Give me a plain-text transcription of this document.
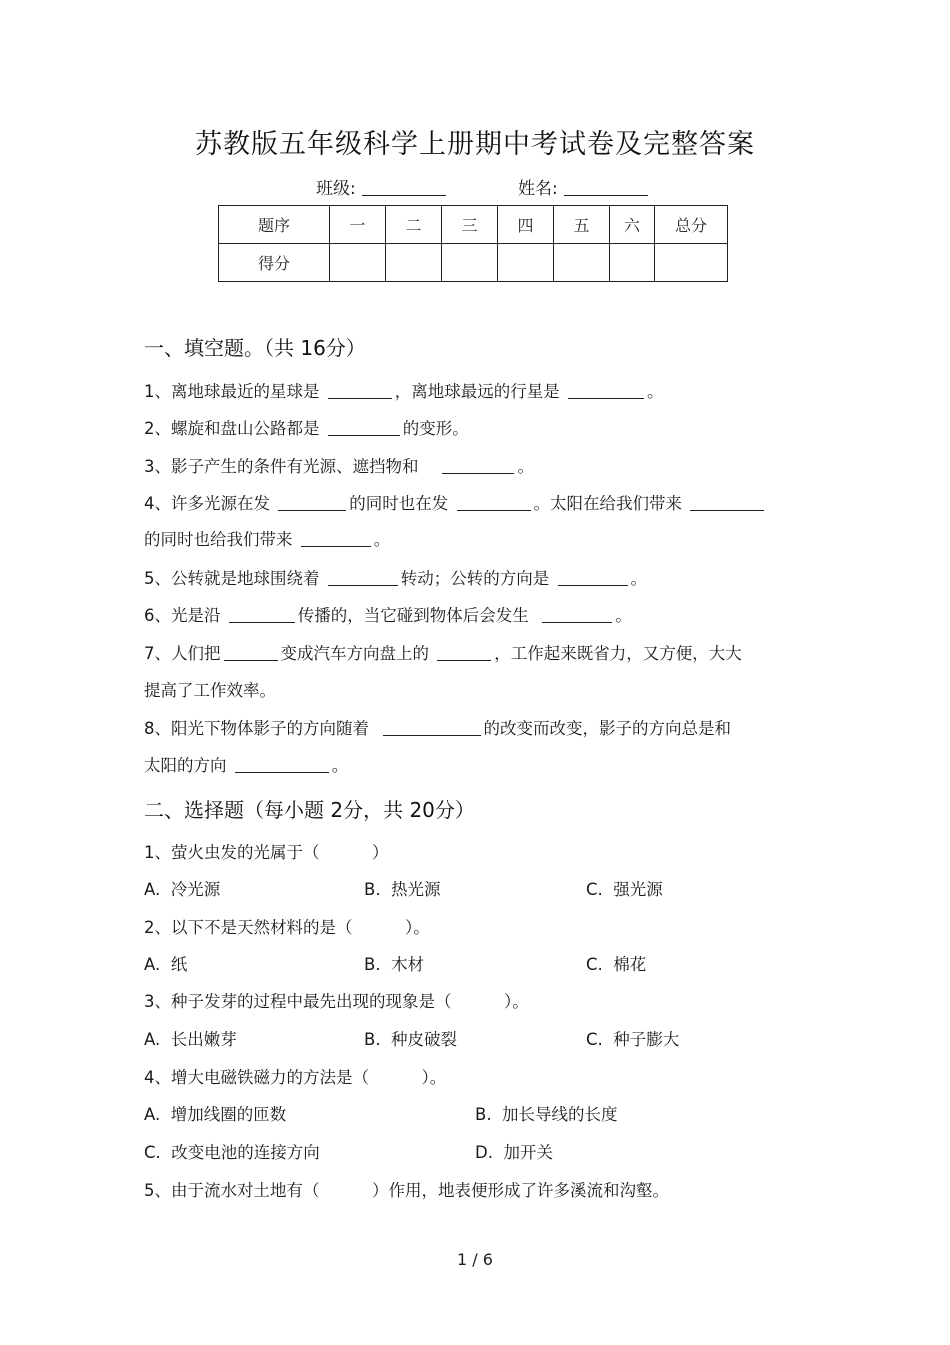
苏教版五年级科学上册期中考试卷及完整答案
班级:	姓名:
题序	一	二	三	四	五	六	总分
得分							
一、填空题。（共 16分）
1、离地球最近的星球是	，离地球最远的行星是	。
2、螺旋和盘山公路都是	的变形。
3、影子产生的条件有光源、遮挡物和	。
4、许多光源在发	的同时也在发	。太阳在给我们带来
的同时也给我们带来	。
5、公转就是地球围绕着	转动；公转的方向是	。
6、光是沿	传播的，当它碰到物体后会发生	。
7、人们把	变成汽车方向盘上的	，工作起来既省力，又方便，大大
提高了工作效率。
8、阳光下物体影子的方向随着	的改变而改变，影子的方向总是和
太阳的方向	。
二、选择题（每小题 2分，共 20分）
1、萤火虫发的光属于（          ）
A.  冷光源	B.  热光源	C.  强光源
2、以下不是天然材料的是（          ）。
A.  纸	B.  木材	C.  棉花
3、种子发芽的过程中最先出现的现象是（          ）。
A.  长出嫩芽	B.  种皮破裂	C.  种子膨大
4、增大电磁铁磁力的方法是（          ）。
A.  增加线圈的匝数	B.  加长导线的长度
C.  改变电池的连接方向	D.  加开关
5、由于流水对土地有（          ）作用，地表便形成了许多溪流和沟壑。
1 / 6
